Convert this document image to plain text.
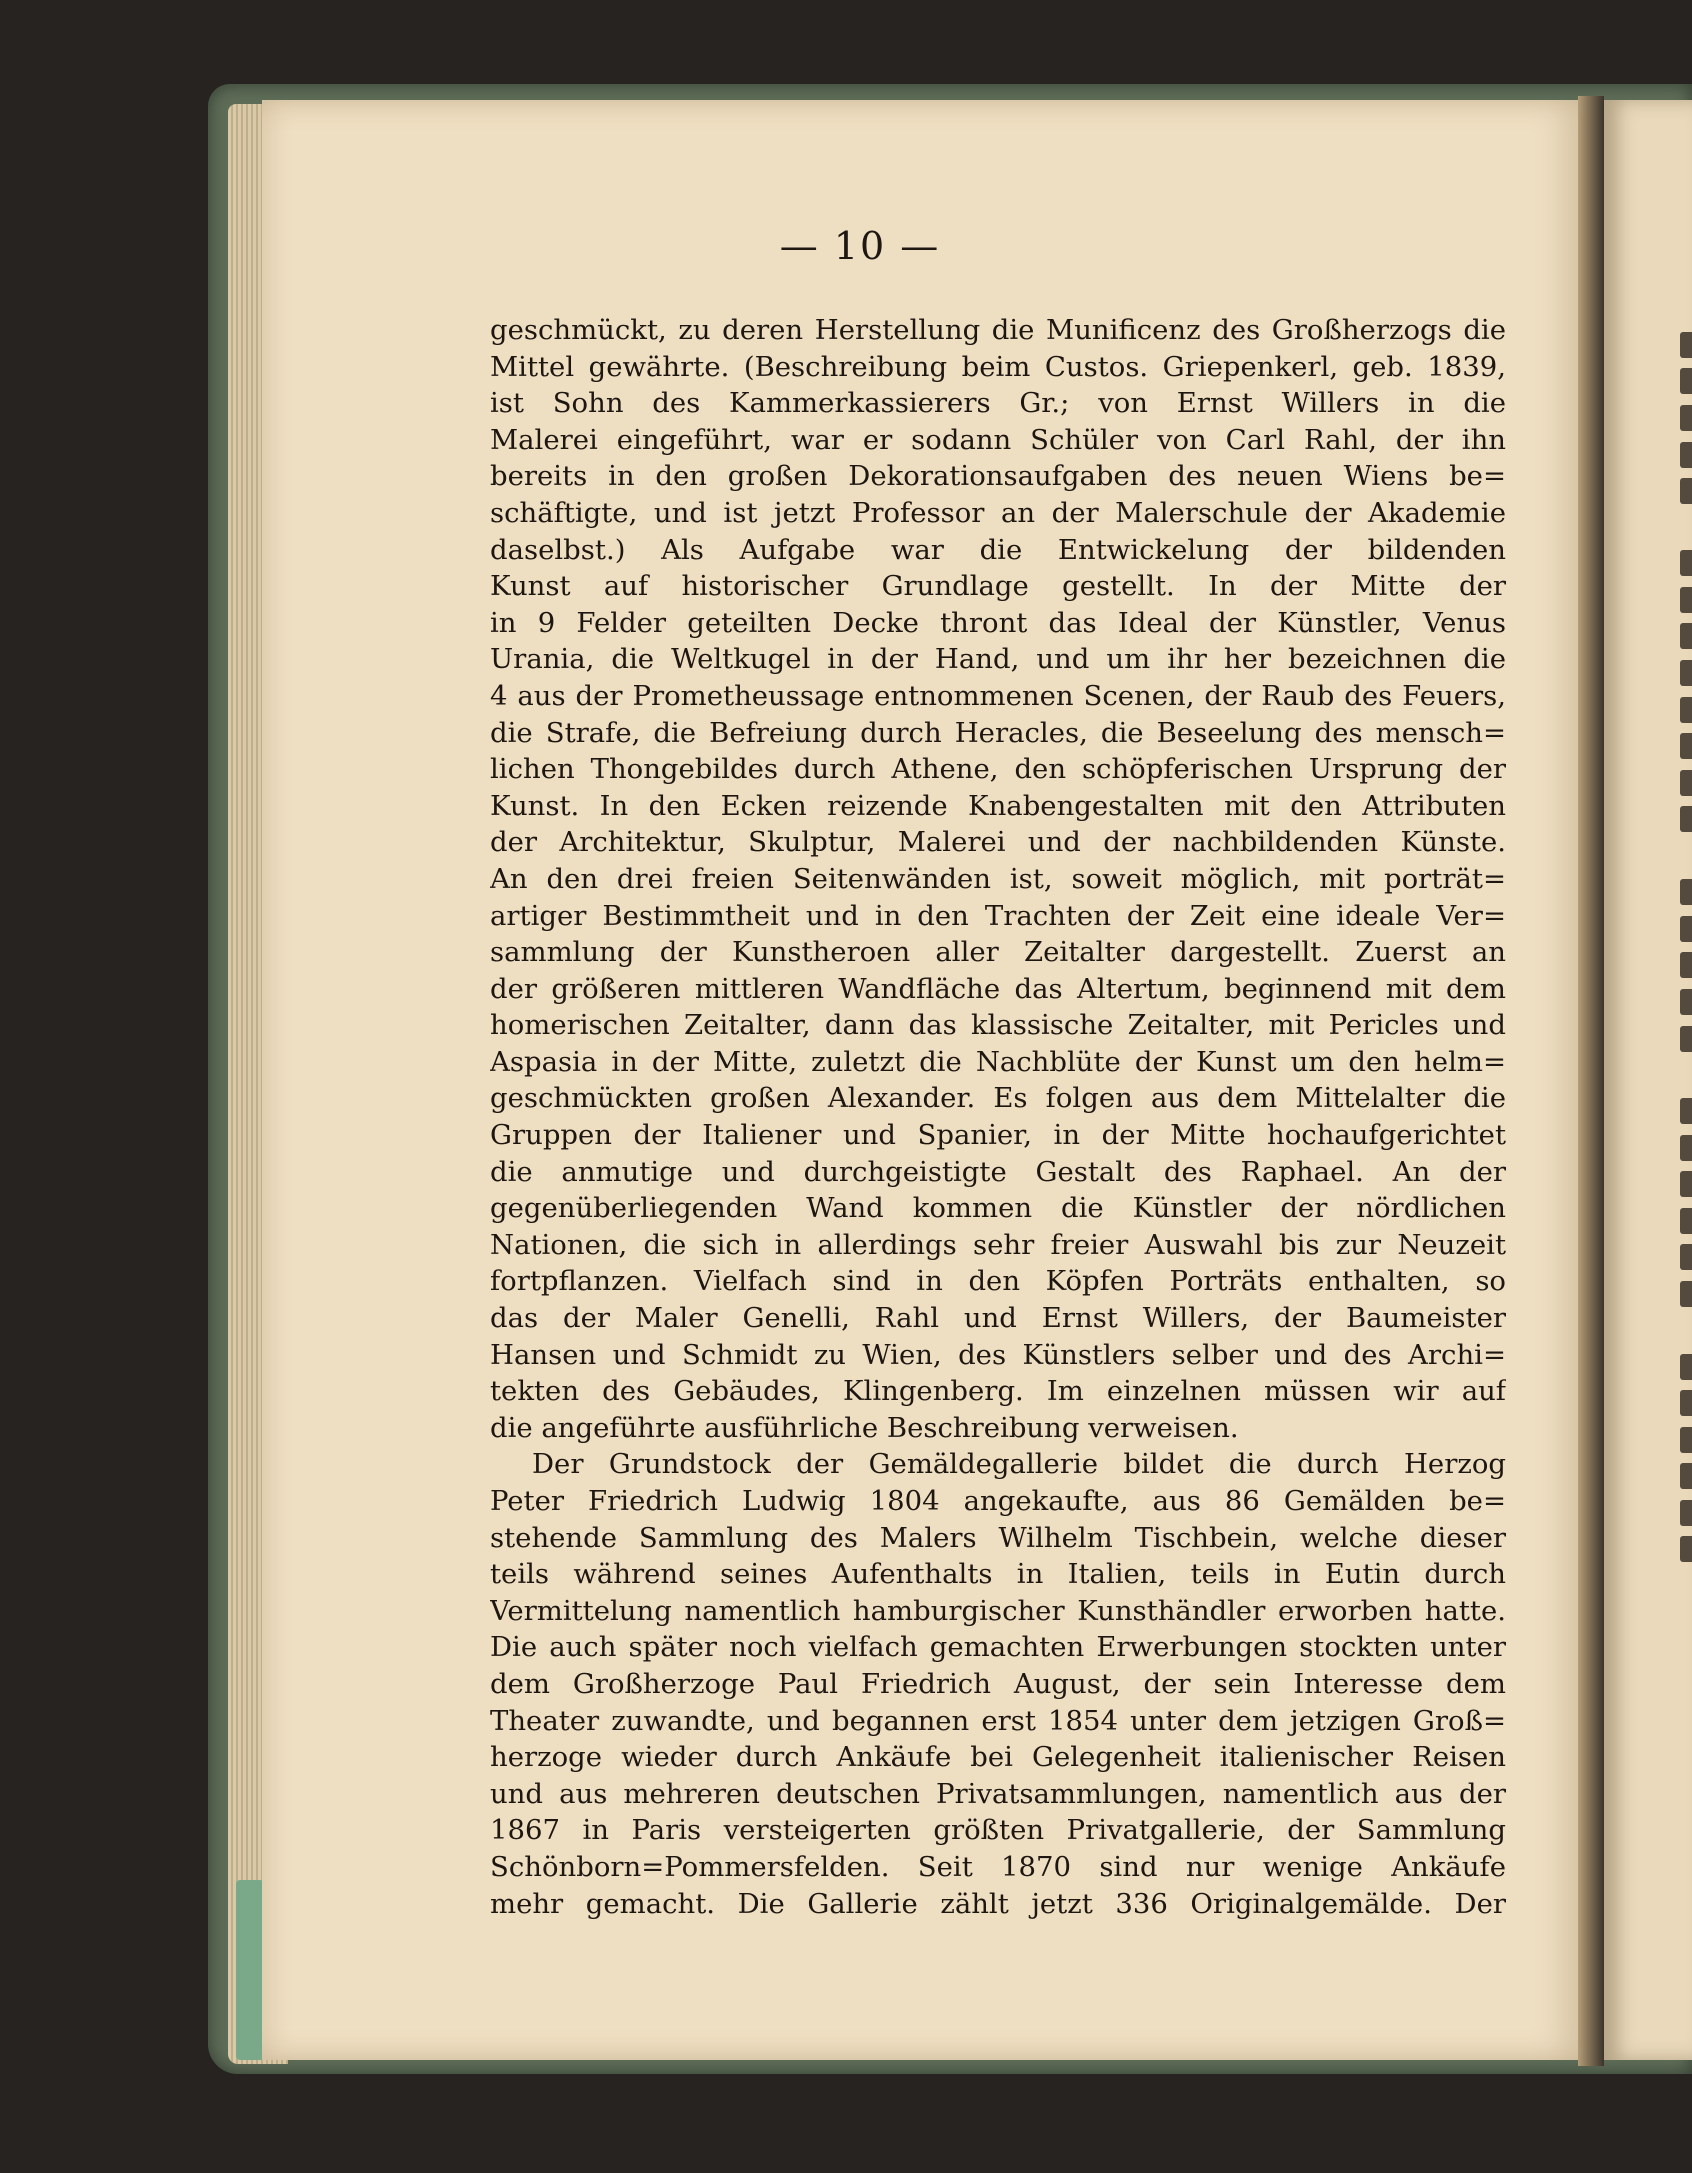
— 10 —
geschmückt, zu deren Herstellung die Munificenz des Großherzogs die
Mittel gewährte. (Beschreibung beim Custos. Griepenkerl, geb. 1839,
ist Sohn des Kammerkassierers Gr.; von Ernst Willers in die
Malerei eingeführt, war er sodann Schüler von Carl Rahl, der ihn
bereits in den großen Dekorationsaufgaben des neuen Wiens be=
schäftigte, und ist jetzt Professor an der Malerschule der Akademie
daselbst.) Als Aufgabe war die Entwickelung der bildenden
Kunst auf historischer Grundlage gestellt. In der Mitte der
in 9 Felder geteilten Decke thront das Ideal der Künstler, Venus
Urania, die Weltkugel in der Hand, und um ihr her bezeichnen die
4 aus der Prometheussage entnommenen Scenen, der Raub des Feuers,
die Strafe, die Befreiung durch Heracles, die Beseelung des mensch=
lichen Thongebildes durch Athene, den schöpferischen Ursprung der
Kunst. In den Ecken reizende Knabengestalten mit den Attributen
der Architektur, Skulptur, Malerei und der nachbildenden Künste.
An den drei freien Seitenwänden ist, soweit möglich, mit porträt=
artiger Bestimmtheit und in den Trachten der Zeit eine ideale Ver=
sammlung der Kunstheroen aller Zeitalter dargestellt. Zuerst an
der größeren mittleren Wandfläche das Altertum, beginnend mit dem
homerischen Zeitalter, dann das klassische Zeitalter, mit Pericles und
Aspasia in der Mitte, zuletzt die Nachblüte der Kunst um den helm=
geschmückten großen Alexander. Es folgen aus dem Mittelalter die
Gruppen der Italiener und Spanier, in der Mitte hochaufgerichtet
die anmutige und durchgeistigte Gestalt des Raphael. An der
gegenüberliegenden Wand kommen die Künstler der nördlichen
Nationen, die sich in allerdings sehr freier Auswahl bis zur Neuzeit
fortpflanzen. Vielfach sind in den Köpfen Porträts enthalten, so
das der Maler Genelli, Rahl und Ernst Willers, der Baumeister
Hansen und Schmidt zu Wien, des Künstlers selber und des Archi=
tekten des Gebäudes, Klingenberg. Im einzelnen müssen wir auf
die angeführte ausführliche Beschreibung verweisen.
Der Grundstock der Gemäldegallerie bildet die durch Herzog
Peter Friedrich Ludwig 1804 angekaufte, aus 86 Gemälden be=
stehende Sammlung des Malers Wilhelm Tischbein, welche dieser
teils während seines Aufenthalts in Italien, teils in Eutin durch
Vermittelung namentlich hamburgischer Kunsthändler erworben hatte.
Die auch später noch vielfach gemachten Erwerbungen stockten unter
dem Großherzoge Paul Friedrich August, der sein Interesse dem
Theater zuwandte, und begannen erst 1854 unter dem jetzigen Groß=
herzoge wieder durch Ankäufe bei Gelegenheit italienischer Reisen
und aus mehreren deutschen Privatsammlungen, namentlich aus der
1867 in Paris versteigerten größten Privatgallerie, der Sammlung
Schönborn=Pommersfelden. Seit 1870 sind nur wenige Ankäufe
mehr gemacht. Die Gallerie zählt jetzt 336 Originalgemälde. Der
